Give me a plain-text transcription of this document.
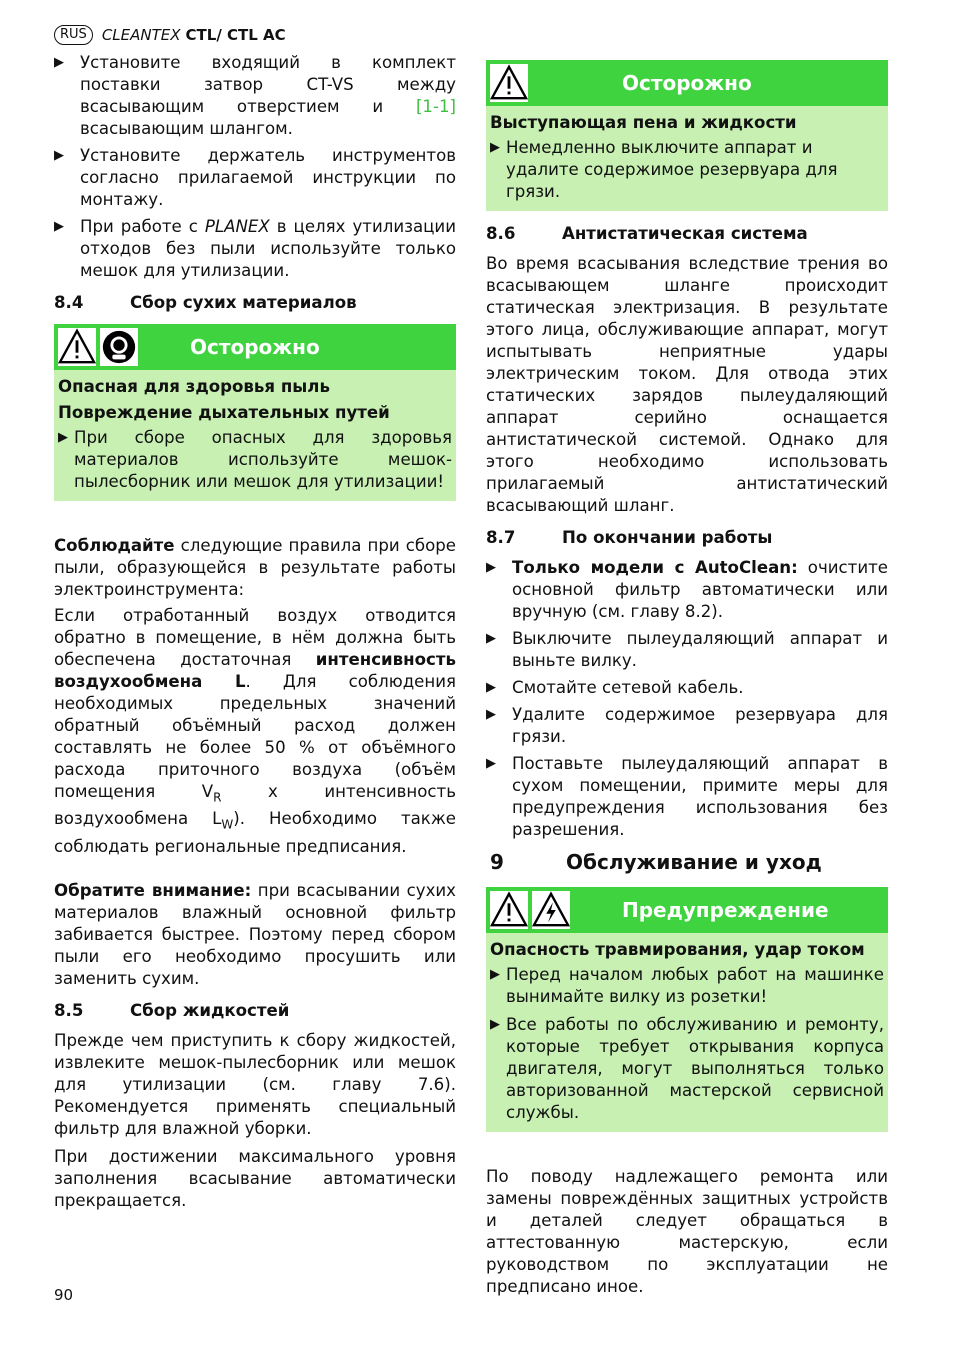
RUS	CLEANTEX CTL/ CTL AC
▶ Установите входящий в комплект поставки затвор CT-VS между всасывающим отверстием и [1-1] всасывающим шлангом.
▶ Установите держатель инструментов согласно прилагаемой инструкции по монтажу.
▶ При работе с PLANEX в целях утилизации отходов без пыли используйте только мешок для утилизации.
8.4	Сбор сухих материалов
Осторожно
Опасная для здоровья пыль
Повреждение дыхательных путей
▶ При сборе опасных для здоровья материалов используйте мешок-пылесборник или мешок для утилизации!

Соблюдайте следующие правила при сборе пыли, образующейся в результате работы электроинструмента:

Если отработанный воздух отводится обратно в помещение, в нём должна быть обеспечена достаточная интенсивность воздухообмена L. Для соблюдения необходимых предельных значений обратный объёмный расход должен составлять не более 50 % от объёмного расхода приточного воздуха (объём помещения $V_R$ x интенсивность воздухообмена $L_W$). Необходимо также соблюдать региональные предписания.

Обратите внимание: при всасывании сухих материалов влажный основной фильтр забивается быстрее. Поэтому перед сбором пыли его необходимо просушить или заменить сухим.

8.5	Сбор жидкостей

Прежде чем приступить к сбору жидкостей, извлеките мешок-пылесборник или мешок для утилизации (см. главу 7.6). Рекомендуется применять специальный фильтр для влажной уборки.

При достижении максимального уровня заполнения всасывание автоматически прекращается.

Осторожно
Выступающая пена и жидкости
▶ Немедленно выключите аппарат и удалите содержимое резервуара для грязи.
8.6	Антистатическая система

Во время всасывания вследствие трения во всасывающем шланге происходит статическая электризация. В результате этого лица, обслуживающие аппарат, могут испытывать неприятные удары электрическим током. Для отвода этих статических зарядов пылеудаляющий аппарат серийно оснащается антистатической системой. Однако для этого необходимо использовать прилагаемый антистатический всасывающий шланг.

8.7	По окончании работы
▶ Только модели с AutoClean: очистите основной фильтр автоматически или вручную (см. главу 8.2).
▶ Выключите пылеудаляющий аппарат и выньте вилку.
▶ Смотайте сетевой кабель.
▶ Удалите содержимое резервуара для грязи.
▶ Поставьте пылеудаляющий аппарат в сухом помещении, примите меры для предупреждения использования без разрешения.
9	Обслуживание и уход
Предупреждение
Опасность травмирования, удар током
▶ Перед началом любых работ на машинке вынимайте вилку из розетки!
▶ Все работы по обслуживанию и ремонту, которые требует открывания корпуса двигателя, могут выполняться только авторизованной мастерской сервисной службы.

По поводу надлежащего ремонта или замены повреждённых защитных устройств и деталей следует обращаться в аттестованную мастерскую, если руководством по эксплуатации не предписано иное.

90
